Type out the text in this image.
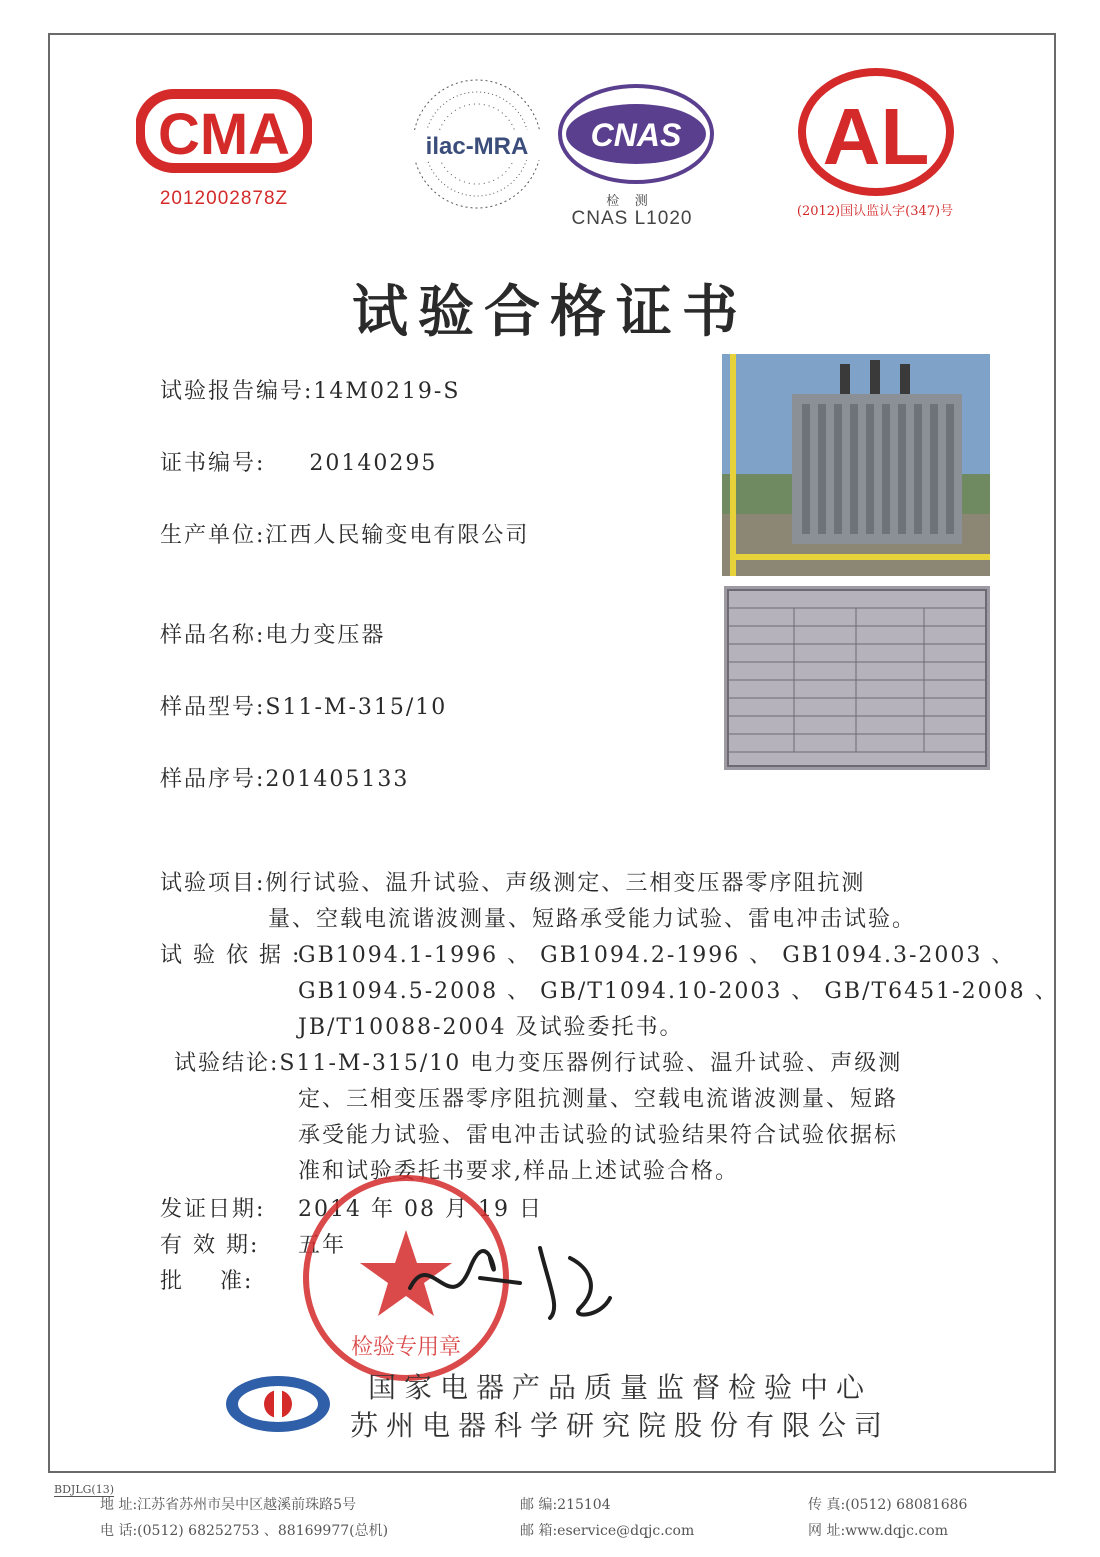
CMA
2012002878Z
ilac-MRA CNAS
检 测
CNAS L1020
AL
(2012)国认监认字(347)号
试验合格证书
试验报告编号:14M0219-S
证书编号: 20140295
生产单位:江西人民输变电有限公司
样品名称:电力变压器
样品型号:S11-M-315/10
样品序号:201405133
试验项目:例行试验、温升试验、声级测定、三相变压器零序阻抗测
量、空载电流谐波测量、短路承受能力试验、雷电冲击试验。
试 验 依 据 :GB1094.1-1996 、 GB1094.2-1996 、 GB1094.3-2003 、
GB1094.5-2008 、 GB/T1094.10-2003 、 GB/T6451-2008 、
JB/T10088-2004 及试验委托书。
试验结论:S11-M-315/10 电力变压器例行试验、温升试验、声级测
定、三相变压器零序阻抗测量、空载电流谐波测量、短路
承受能力试验、雷电冲击试验的试验结果符合试验依据标
准和试验委托书要求,样品上述试验合格。
发证日期: 2014 年 08 月 19 日
有 效 期: 五年
批    准:
检验专用章
国家电器产品质量监督检验中心
苏州电器科学研究院股份有限公司
BDJLG(13)
地 址:江苏省苏州市吴中区越溪前珠路5号	邮 编:215104	传 真:(0512) 68081686
电 话:(0512) 68252753 、88169977(总机)	邮 箱:eservice@dqjc.com	网 址:www.dqjc.com
